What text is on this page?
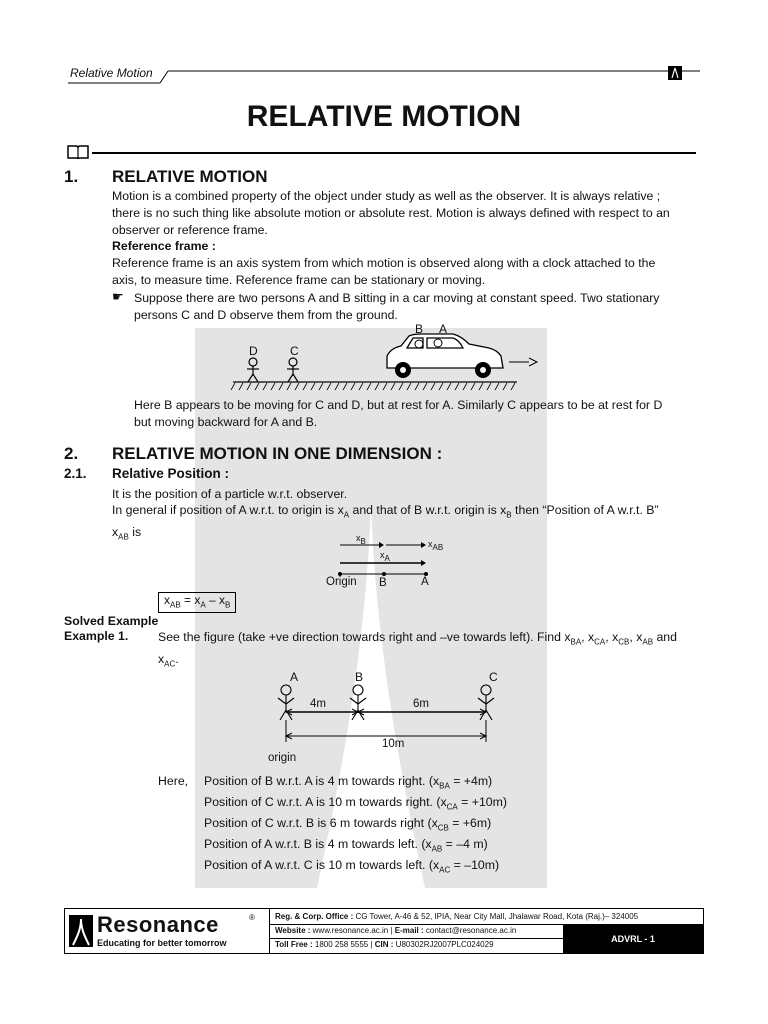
Relative Motion
RELATIVE MOTION
1. RELATIVE MOTION
Motion is a combined property of the object under study as well as the observer. It is always relative ;
there is no such thing like absolute motion or absolute rest. Motion is always defined with respect to an
observer or reference frame.
Reference frame :
Reference frame is an axis system from which motion is observed along with a clock attached to the
axis, to measure time. Reference frame can be stationary or moving.
☛ Suppose there are two persons A and B sitting in a car moving at constant speed. Two stationary
persons C and D observe them from the ground.
D	C
B A
Here B appears to be moving for C and D, but at rest for A. Similarly C appears to be at rest for D
but moving backward for A and B.
2. RELATIVE MOTION IN ONE DIMENSION :
2.1. Relative Position :
It is the position of a particle w.r.t. observer.
In general if position of A w.r.t. to origin is $x_A$ and that of B w.r.t. origin is $x_B$ then “Position of A w.r.t. B”
$x_{AB}$ is	$x_B$	$x_{AB}$
$x_A$
Origin B	A
$x_{AB} = x_A - x_B$
Solved Example
Example 1. See the figure (take +ve direction towards right and –ve towards left). Find $x_{BA}$, $x_{CA}$, $x_{CB}$, $x_{AB}$ and
$x_{AC}$.
A	B	C
4m	6m
10m
origin
Here, Position of B w.r.t. A is 4 m towards right. $(x_{BA} = +4m)$
Position of C w.r.t. A is 10 m towards right. $(x_{CA} = +10m)$
Position of C w.r.t. B is 6 m towards right $(x_{CB} = +6m)$
Position of A w.r.t. B is 4 m towards left. ($x_{AB} = -4$ m)
Position of A w.r.t. C is 10 m towards left. $(x_{AC} = -10m)$
Resonance	®
Educating for better tomorrow
Reg. & Corp. Office : CG Tower, A-46 & 52, IPIA, Near City Mall, Jhalawar Road, Kota (Raj.)– 324005
Website : www.resonance.ac.in | E-mail : contact@resonance.ac.in
Toll Free : 1800 258 5555 | CIN : U80302RJ2007PLC024029
ADVRL - 1
